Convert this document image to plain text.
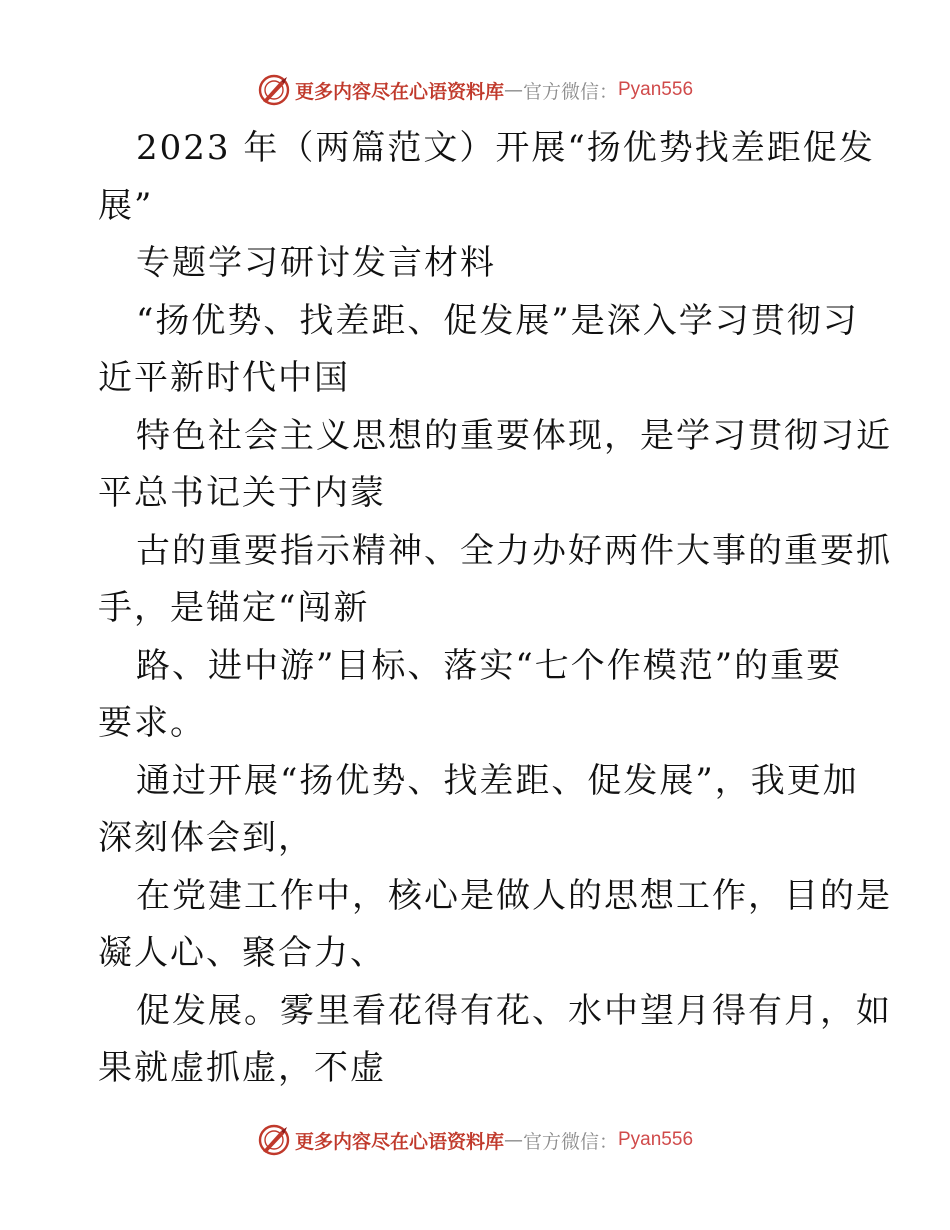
更多内容尽在心语资料库 — 官方微信： Pyan556
2023 年（两篇范文）开展“扬优势找差距促发
展”
专题学习研讨发言材料
“扬优势、找差距、促发展”是深入学习贯彻习
近平新时代中国
特色社会主义思想的重要体现，是学习贯彻习近
平总书记关于内蒙
古的重要指示精神、全力办好两件大事的重要抓
手，是锚定“闯新
路、进中游”目标、落实“七个作模范”的重要
要求。
通过开展“扬优势、找差距、促发展”，我更加
深刻体会到，
在党建工作中，核心是做人的思想工作，目的是
凝人心、聚合力、
促发展。雾里看花得有花、水中望月得有月，如
果就虚抓虚，不虚
更多内容尽在心语资料库 — 官方微信： Pyan556
